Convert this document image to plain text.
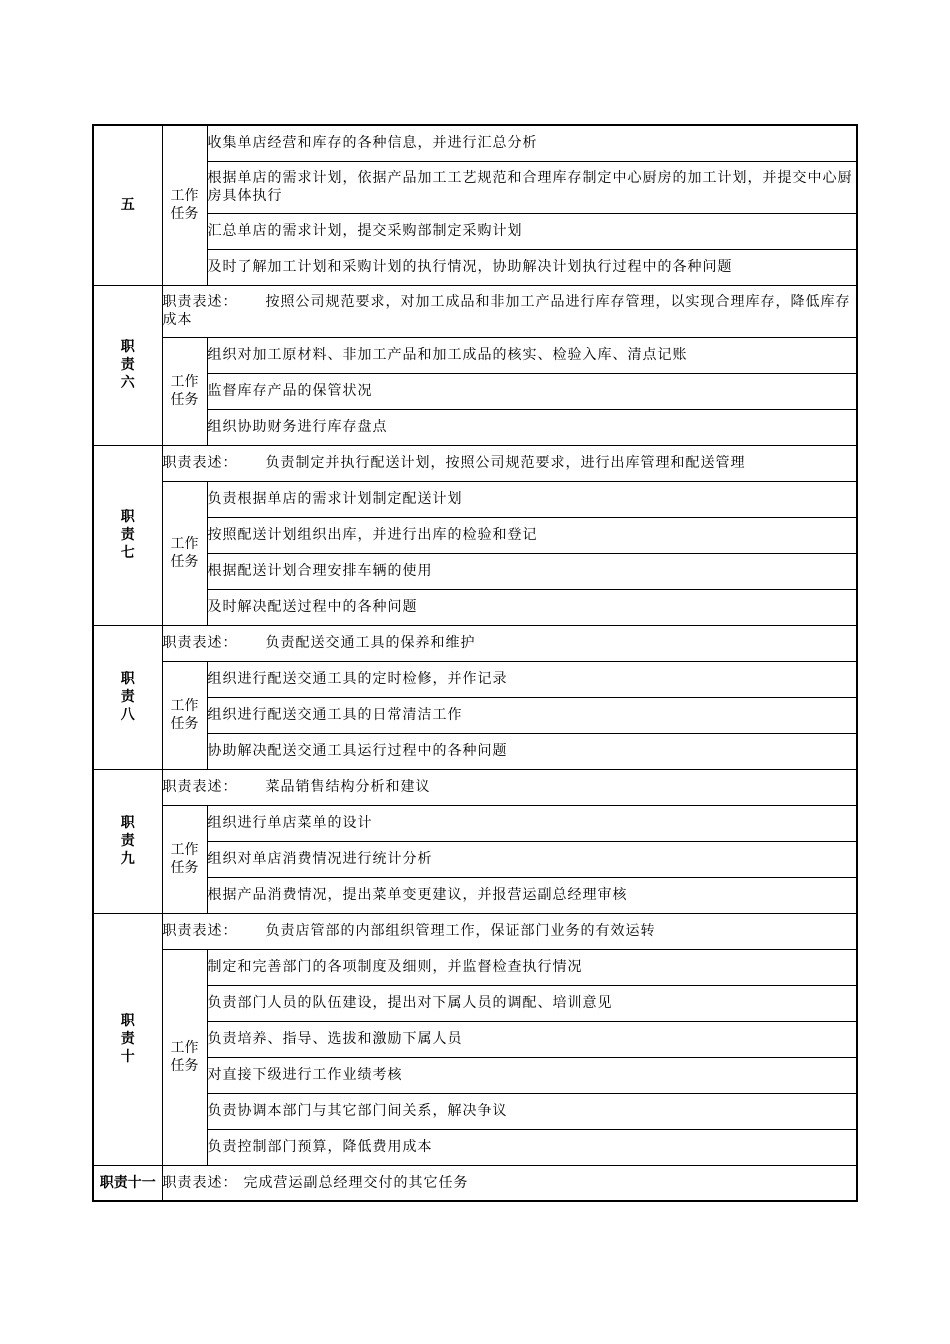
五	工作任务	收集单店经营和库存的各种信息，并进行汇总分析
		根据单店的需求计划，依据产品加工工艺规范和合理库存制定中心厨房的加工计划，并提交中心厨房具体执行
		汇总单店的需求计划，提交采购部制定采购计划
		及时了解加工计划和采购计划的执行情况，协助解决计划执行过程中的各种问题
职责六	职责表述： 按照公司规范要求，对加工成品和非加工产品进行库存管理，以实现合理库存，降低库存成本	
	工作任务	组织对加工原材料、非加工产品和加工成品的核实、检验入库、清点记账
		监督库存产品的保管状况
		组织协助财务进行库存盘点
职责七	职责表述： 负责制定并执行配送计划，按照公司规范要求，进行出库管理和配送管理	
	工作任务	负责根据单店的需求计划制定配送计划
		按照配送计划组织出库，并进行出库的检验和登记
		根据配送计划合理安排车辆的使用
		及时解决配送过程中的各种问题
职责八	职责表述： 负责配送交通工具的保养和维护	
	工作任务	组织进行配送交通工具的定时检修，并作记录
		组织进行配送交通工具的日常清洁工作
		协助解决配送交通工具运行过程中的各种问题
职责九	职责表述： 菜品销售结构分析和建议	
	工作任务	组织进行单店菜单的设计
		组织对单店消费情况进行统计分析
		根据产品消费情况，提出菜单变更建议，并报营运副总经理审核
职责十	职责表述： 负责店管部的内部组织管理工作，保证部门业务的有效运转	
	工作任务	制定和完善部门的各项制度及细则，并监督检查执行情况
		负责部门人员的队伍建设，提出对下属人员的调配、培训意见
		负责培养、指导、选拔和激励下属人员
		对直接下级进行工作业绩考核
		负责协调本部门与其它部门间关系，解决争议
		负责控制部门预算，降低费用成本
职责十一	职责表述： 完成营运副总经理交付的其它任务	
